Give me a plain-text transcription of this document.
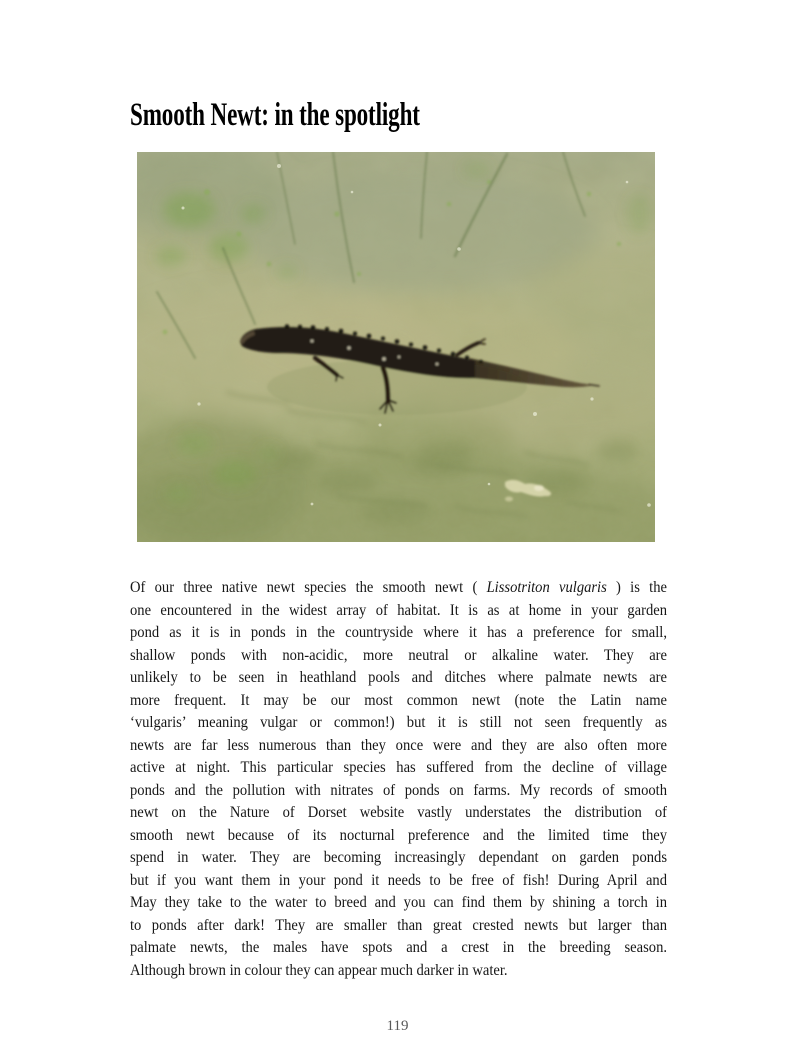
Smooth Newt: in the spotlight
Of our three native newt species the smooth newt ( Lissotriton vulgaris ) is the
one encountered in the widest array of habitat. It is as at home in your garden
pond as it is in ponds in the countryside where it has a preference for small,
shallow ponds with non-acidic, more neutral or alkaline water. They are
unlikely to be seen in heathland pools and ditches where palmate newts are
more frequent. It may be our most common newt (note the Latin name
‘vulgaris’ meaning vulgar or common!) but it is still not seen frequently as
newts are far less numerous than they once were and they are also often more
active at night. This particular species has suffered from the decline of village
ponds and the pollution with nitrates of ponds on farms. My records of smooth
newt on the Nature of Dorset website vastly understates the distribution of
smooth newt because of its nocturnal preference and the limited time they
spend in water. They are becoming increasingly dependant on garden ponds
but if you want them in your pond it needs to be free of fish! During April and
May they take to the water to breed and you can find them by shining a torch in
to ponds after dark! They are smaller than great crested newts but larger than
palmate newts, the males have spots and a crest in the breeding season.
Although brown in colour they can appear much darker in water.
119
